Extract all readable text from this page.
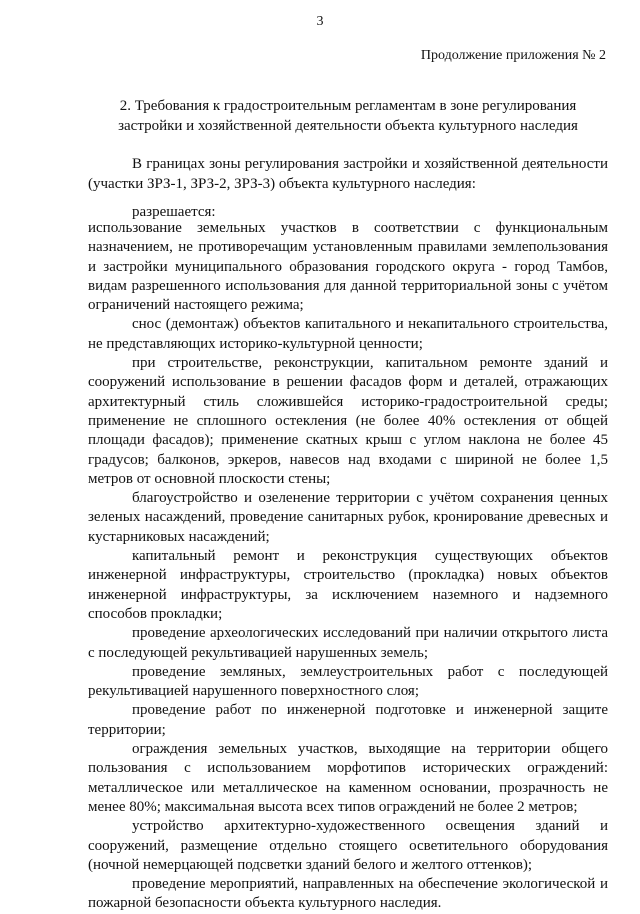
3
Продолжение приложения № 2
2. Требования к градостроительным регламентам в зоне регулирования застройки и хозяйственной деятельности объекта культурного наследия
В границах зоны регулирования застройки и хозяйственной деятельности (участки ЗРЗ-1, ЗРЗ-2, ЗРЗ-3) объекта культурного наследия:
разрешается:

использование земельных участков в соответствии с функциональным назначением, не противоречащим установленным правилами землепользования и застройки муниципального образования городского округа - город Тамбов, видам разрешенного использования для данной территориальной зоны с учётом ограничений настоящего режима;

снос (демонтаж) объектов капитального и некапитального строительства, не представляющих историко-культурной ценности;

при строительстве, реконструкции, капитальном ремонте зданий и сооружений использование в решении фасадов форм и деталей, отражающих архитектурный стиль сложившейся историко-градостроительной среды; применение не сплошного остекления (не более 40% остекления от общей площади фасадов); применение скатных крыш с углом наклона не более 45 градусов; балконов, эркеров, навесов над входами с шириной не более 1,5 метров от основной плоскости стены;

благоустройство и озеленение территории с учётом сохранения ценных зеленых насаждений, проведение санитарных рубок, кронирование древесных и кустарниковых насаждений;

капитальный ремонт и реконструкция существующих объектов инженерной инфраструктуры, строительство (прокладка) новых объектов инженерной инфраструктуры, за исключением наземного и надземного способов прокладки;

проведение археологических исследований при наличии открытого листа с последующей рекультивацией нарушенных земель;

проведение земляных, землеустроительных работ с последующей рекультивацией нарушенного поверхностного слоя;

проведение работ по инженерной подготовке и инженерной защите территории;

ограждения земельных участков, выходящие на территории общего пользования с использованием морфотипов исторических ограждений: металлическое или металлическое на каменном основании, прозрачность не менее 80%; максимальная высота всех типов ограждений не более 2 метров;

устройство архитектурно-художественного освещения зданий и сооружений, размещение отдельно стоящего осветительного оборудования (ночной немерцающей подсветки зданий белого и желтого оттенков);

проведение мероприятий, направленных на обеспечение экологической и пожарной безопасности объекта культурного наследия.
